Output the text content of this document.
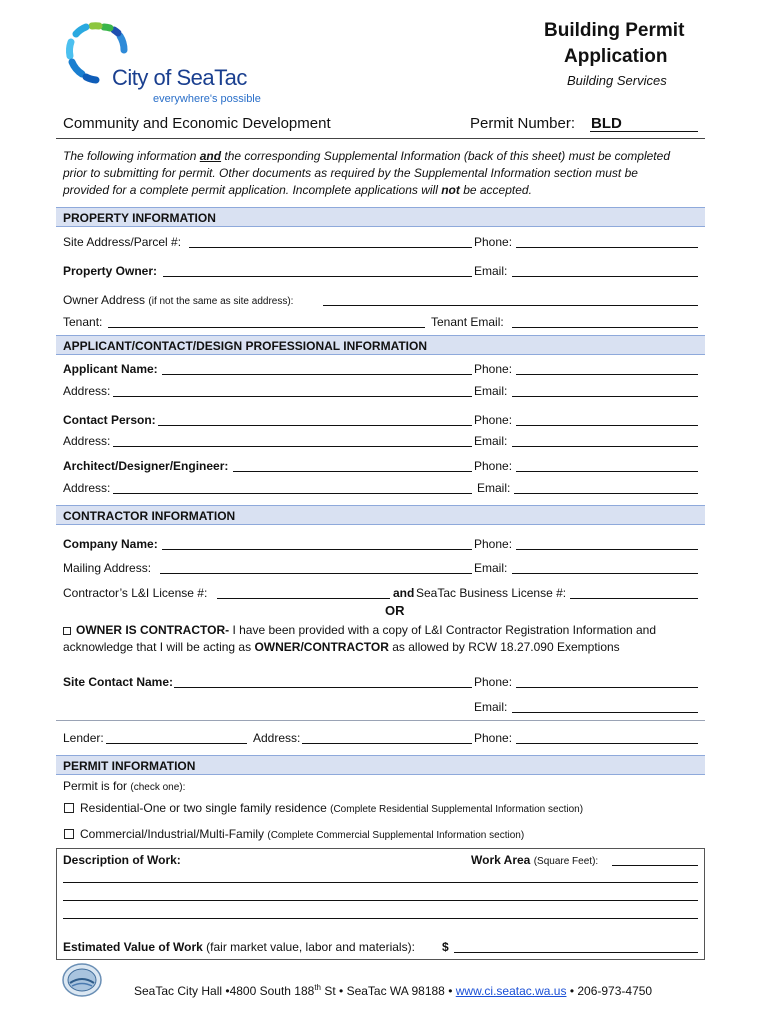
City of SeaTac
everywhere's possible
Building Permit
Application
Building Services
Community and Economic Development	Permit Number: BLD
The following information and the corresponding Supplemental Information (back of this sheet) must be completed
prior to submitting for permit. Other documents as required by the Supplemental Information section must be
provided for a complete permit application. Incomplete applications will not be accepted.
PROPERTY INFORMATION
Site Address/Parcel #:	Phone:
Property Owner:	Email:
Owner Address (if not the same as site address):
Tenant:	Tenant Email:
APPLICANT/CONTACT/DESIGN PROFESSIONAL INFORMATION
Applicant Name:	Phone:
Address:	Email:
Contact Person:	Phone:
Address:	Email:
Architect/Designer/Engineer:	Phone:
Address:	Email:
CONTRACTOR INFORMATION
Company Name:	Phone:
Mailing Address:	Email:
Contractor’s L&I License #:	and SeaTac Business License #:
OR
OWNER IS CONTRACTOR- I have been provided with a copy of L&I Contractor Registration Information and
acknowledge that I will be acting as OWNER/CONTRACTOR as allowed by RCW 18.27.090 Exemptions
Site Contact Name:	Phone:
Email:
Lender:	Address:	Phone:
PERMIT INFORMATION
Permit is for (check one):
Residential-One or two single family residence (Complete Residential Supplemental Information section)
Commercial/Industrial/Multi-Family (Complete Commercial Supplemental Information section)
Description of Work:	Work Area (Square Feet):
Estimated Value of Work (fair market value, labor and materials): $
SeaTac City Hall •4800 South 188th St • SeaTac WA 98188 • www.ci.seatac.wa.us • 206-973-4750
